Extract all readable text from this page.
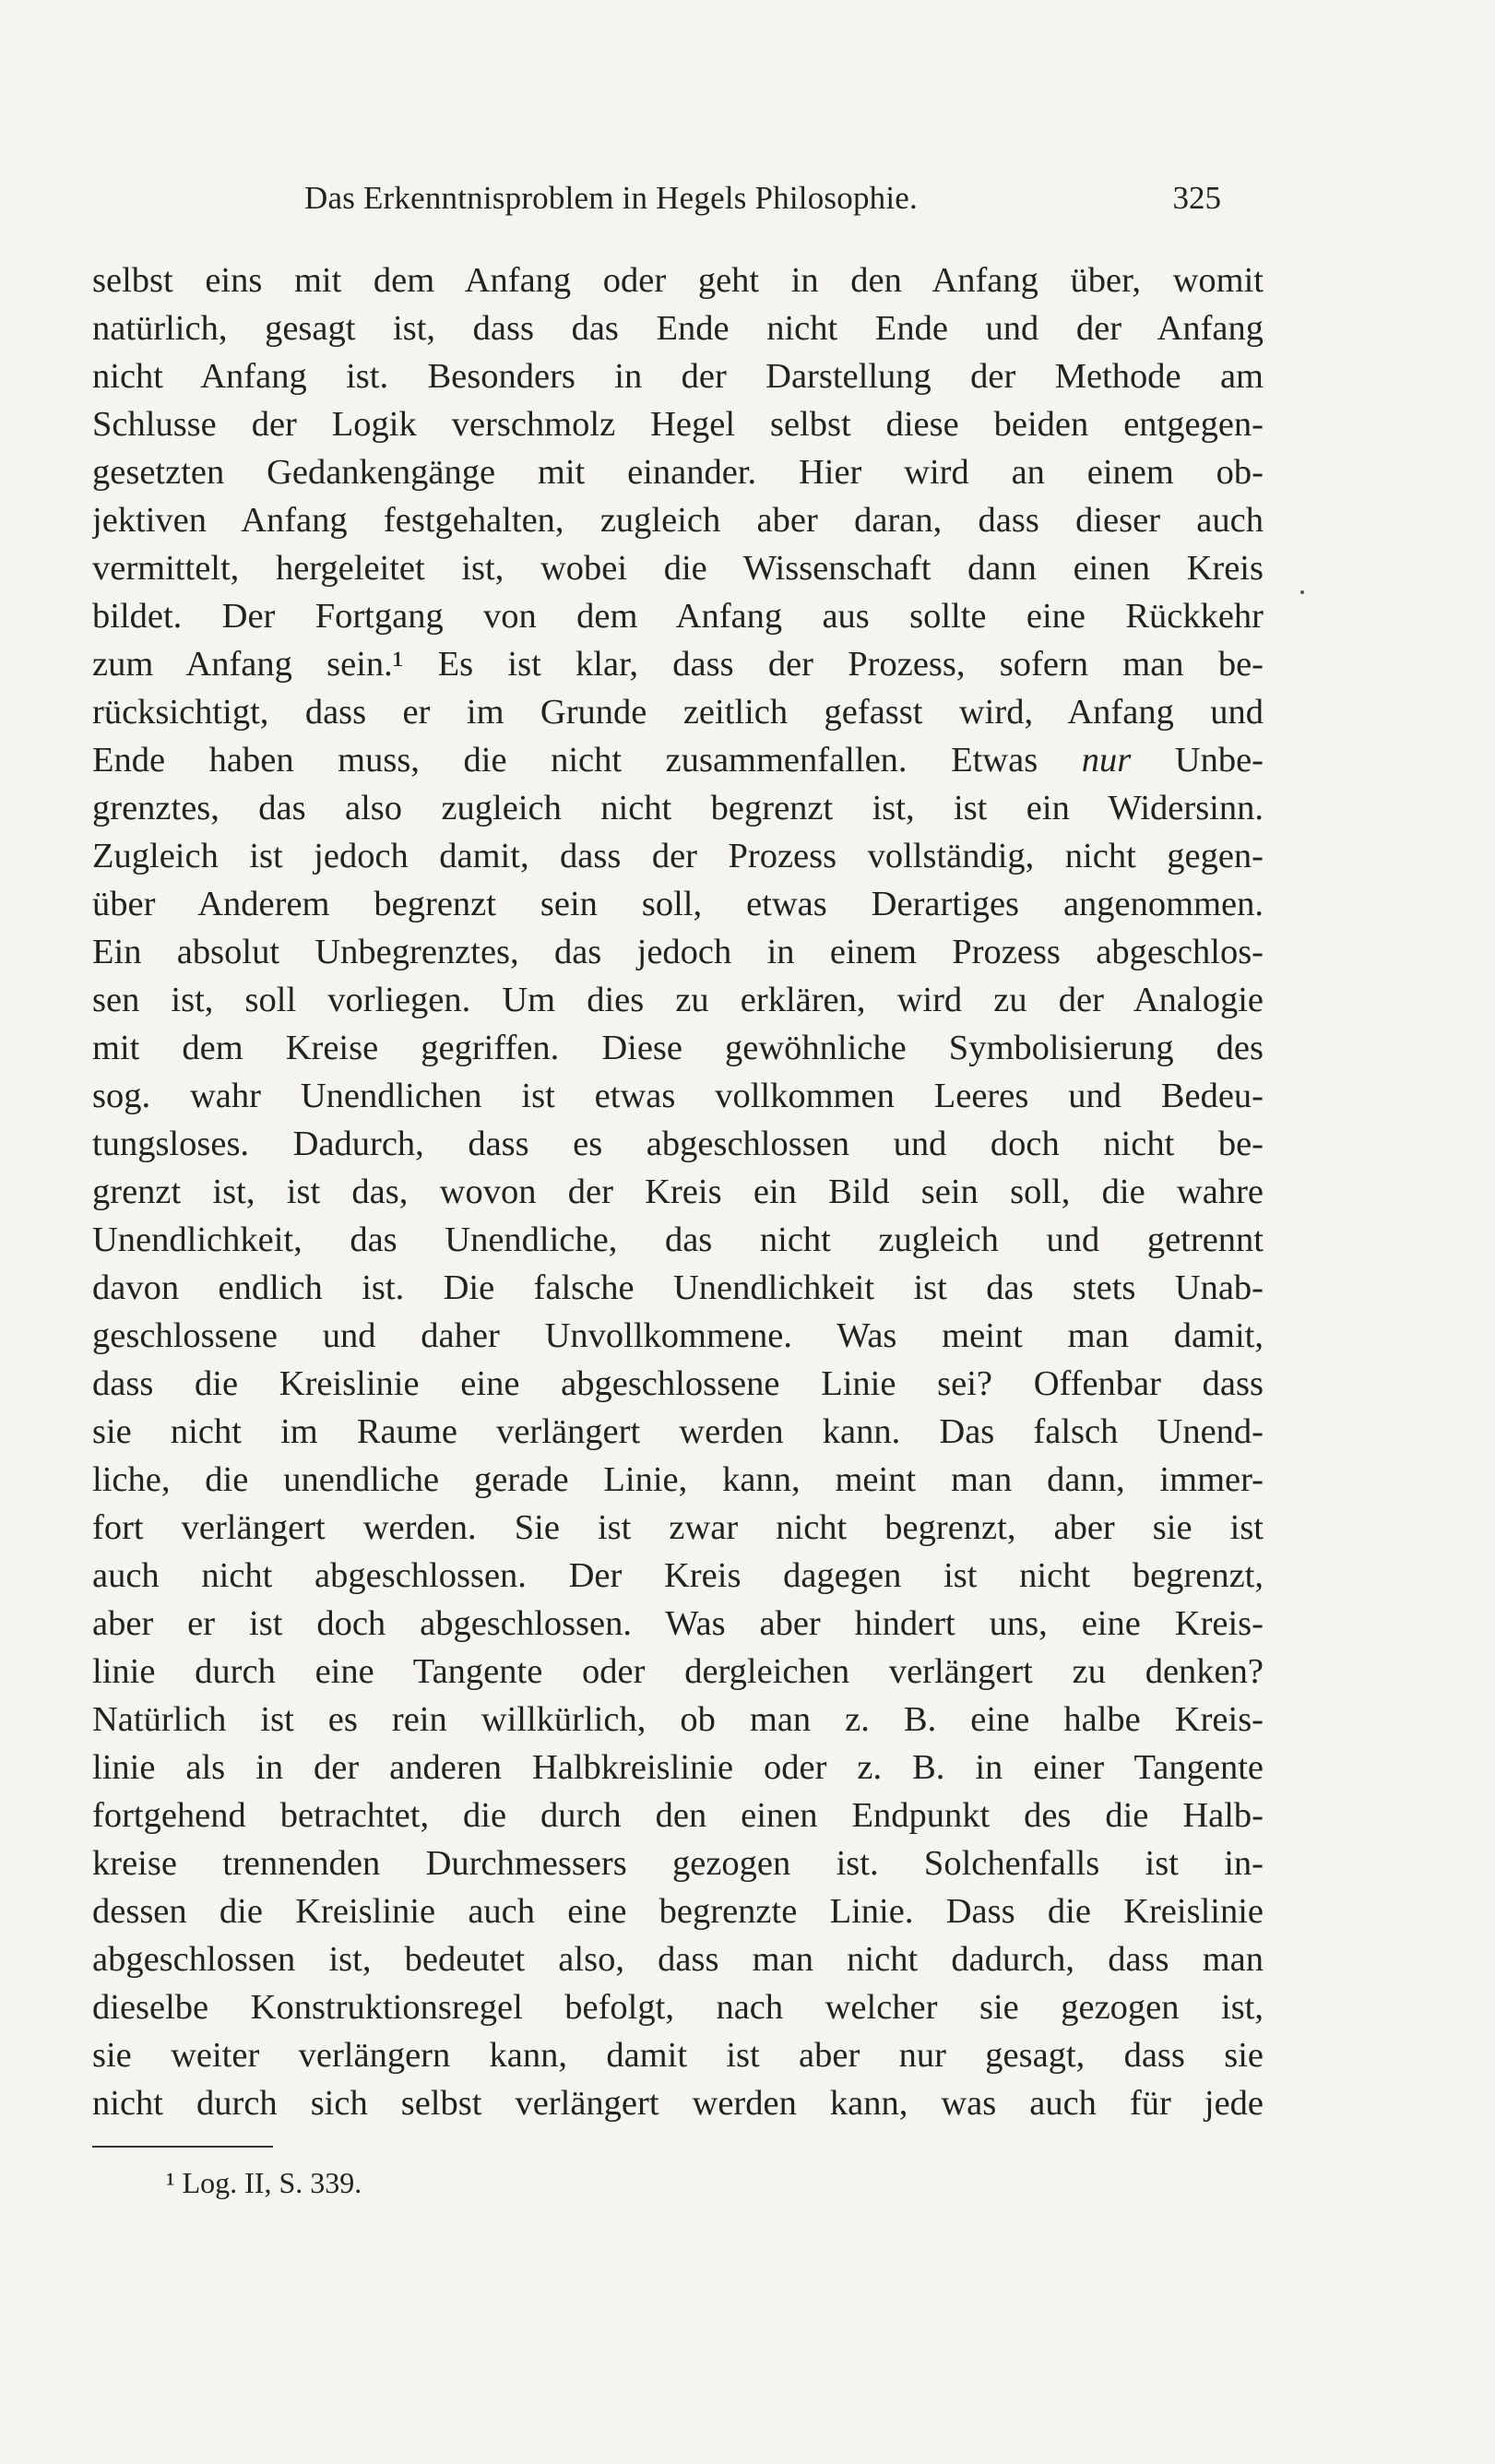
Das Erkenntnisproblem in Hegels Philosophie.	325
selbst eins mit dem Anfang oder geht in den Anfang über, womit
natürlich, gesagt ist, dass das Ende nicht Ende und der Anfang
nicht Anfang ist. Besonders in der Darstellung der Methode am
Schlusse der Logik verschmolz Hegel selbst diese beiden entgegen-
gesetzten Gedankengänge mit einander. Hier wird an einem ob-
jektiven Anfang festgehalten, zugleich aber daran, dass dieser auch
vermittelt, hergeleitet ist, wobei die Wissenschaft dann einen Kreis
bildet. Der Fortgang von dem Anfang aus sollte eine Rückkehr
zum Anfang sein.¹ Es ist klar, dass der Prozess, sofern man be-
rücksichtigt, dass er im Grunde zeitlich gefasst wird, Anfang und
Ende haben muss, die nicht zusammenfallen. Etwas nur Unbe-
grenztes, das also zugleich nicht begrenzt ist, ist ein Widersinn.
Zugleich ist jedoch damit, dass der Prozess vollständig, nicht gegen-
über Anderem begrenzt sein soll, etwas Derartiges angenommen.
Ein absolut Unbegrenztes, das jedoch in einem Prozess abgeschlos-
sen ist, soll vorliegen. Um dies zu erklären, wird zu der Analogie
mit dem Kreise gegriffen. Diese gewöhnliche Symbolisierung des
sog. wahr Unendlichen ist etwas vollkommen Leeres und Bedeu-
tungsloses. Dadurch, dass es abgeschlossen und doch nicht be-
grenzt ist, ist das, wovon der Kreis ein Bild sein soll, die wahre
Unendlichkeit, das Unendliche, das nicht zugleich und getrennt
davon endlich ist. Die falsche Unendlichkeit ist das stets Unab-
geschlossene und daher Unvollkommene. Was meint man damit,
dass die Kreislinie eine abgeschlossene Linie sei? Offenbar dass
sie nicht im Raume verlängert werden kann. Das falsch Unend-
liche, die unendliche gerade Linie, kann, meint man dann, immer-
fort verlängert werden. Sie ist zwar nicht begrenzt, aber sie ist
auch nicht abgeschlossen. Der Kreis dagegen ist nicht begrenzt,
aber er ist doch abgeschlossen. Was aber hindert uns, eine Kreis-
linie durch eine Tangente oder dergleichen verlängert zu denken?
Natürlich ist es rein willkürlich, ob man z. B. eine halbe Kreis-
linie als in der anderen Halbkreislinie oder z. B. in einer Tangente
fortgehend betrachtet, die durch den einen Endpunkt des die Halb-
kreise trennenden Durchmessers gezogen ist. Solchenfalls ist in-
dessen die Kreislinie auch eine begrenzte Linie. Dass die Kreislinie
abgeschlossen ist, bedeutet also, dass man nicht dadurch, dass man
dieselbe Konstruktionsregel befolgt, nach welcher sie gezogen ist,
sie weiter verlängern kann, damit ist aber nur gesagt, dass sie
nicht durch sich selbst verlängert werden kann, was auch für jede
¹ Log. II, S. 339.
